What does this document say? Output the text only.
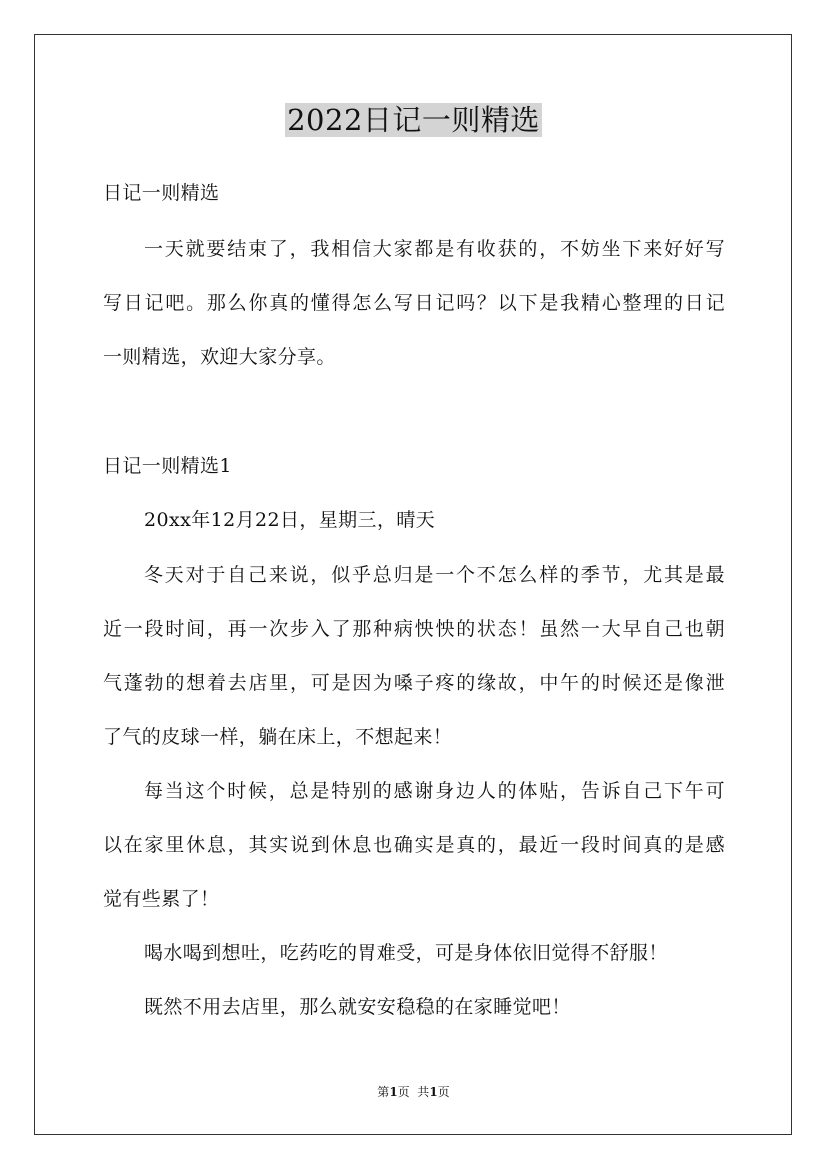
2022日记一则精选
日记一则精选
一天就要结束了，我相信大家都是有收获的，不妨坐下来好好写
写日记吧。那么你真的懂得怎么写日记吗？以下是我精心整理的日记
一则精选，欢迎大家分享。
日记一则精选1
20xx年12月22日，星期三，晴天
冬天对于自己来说，似乎总归是一个不怎么样的季节，尤其是最
近一段时间，再一次步入了那种病怏怏的状态！虽然一大早自己也朝
气蓬勃的想着去店里，可是因为嗓子疼的缘故，中午的时候还是像泄
了气的皮球一样，躺在床上，不想起来！
每当这个时候，总是特别的感谢身边人的体贴，告诉自己下午可
以在家里休息，其实说到休息也确实是真的，最近一段时间真的是感
觉有些累了！
喝水喝到想吐，吃药吃的胃难受，可是身体依旧觉得不舒服！
既然不用去店里，那么就安安稳稳的在家睡觉吧！
第1页  共1页
